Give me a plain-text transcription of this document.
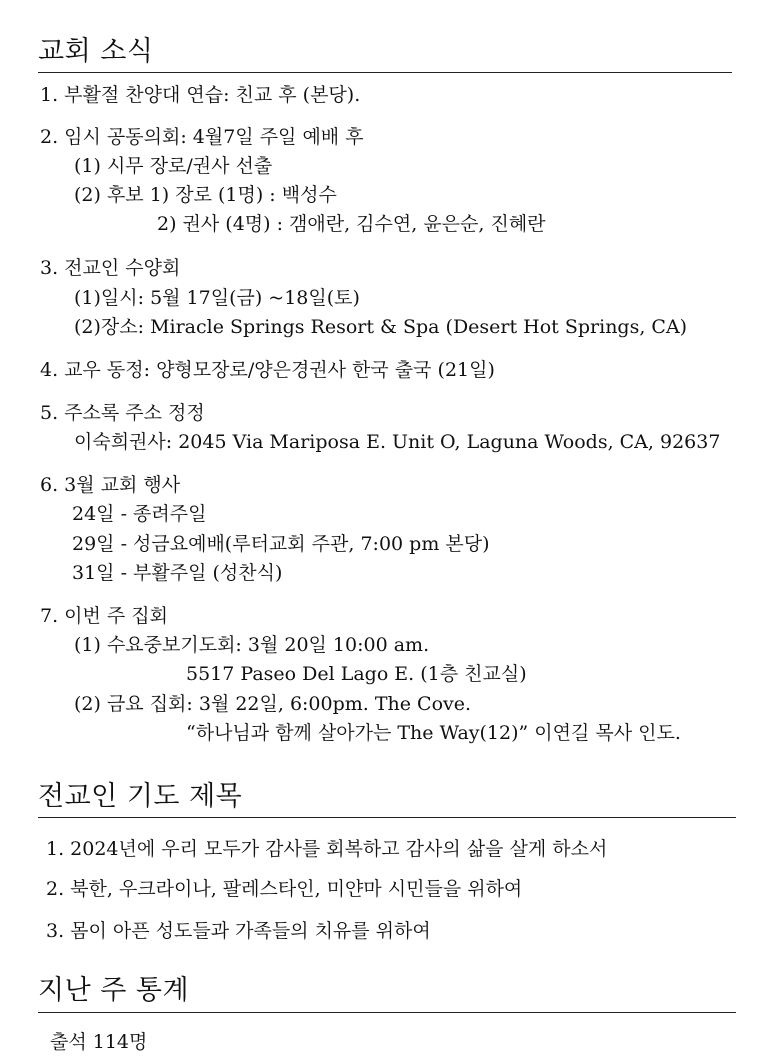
교회 소식
1. 부활절 찬양대 연습: 친교 후 (본당).
2. 임시 공동의회: 4월7일 주일 예배 후
(1) 시무 장로/권사 선출
(2) 후보 1) 장로 (1명) : 백성수
2) 권사 (4명) : 갬애란, 김수연, 윤은순, 진혜란
3. 전교인 수양회
(1)일시: 5월 17일(금) ~18일(토)
(2)장소: Miracle Springs Resort & Spa (Desert Hot Springs, CA)
4. 교우 동정: 양형모장로/양은경권사 한국 출국 (21일)
5. 주소록 주소 정정
이숙희권사: 2045 Via Mariposa E. Unit O, Laguna Woods, CA, 92637
6. 3월 교회 행사
24일 - 종려주일
29일 - 성금요예배(루터교회 주관, 7:00 pm 본당)
31일 - 부활주일 (성찬식)
7. 이번 주 집회
(1) 수요중보기도회: 3월 20일 10:00 am.
5517 Paseo Del Lago E. (1층 친교실)
(2) 금요 집회: 3월 22일, 6:00pm. The Cove.
“하나님과 함께 살아가는 The Way(12)” 이연길 목사 인도.
전교인 기도 제목
1. 2024년에 우리 모두가 감사를 회복하고 감사의 삶을 살게 하소서
2. 북한, 우크라이나, 팔레스타인, 미얀마 시민들을 위하여
3. 몸이 아픈 성도들과 가족들의 치유를 위하여
지난 주 통계
출석 114명
